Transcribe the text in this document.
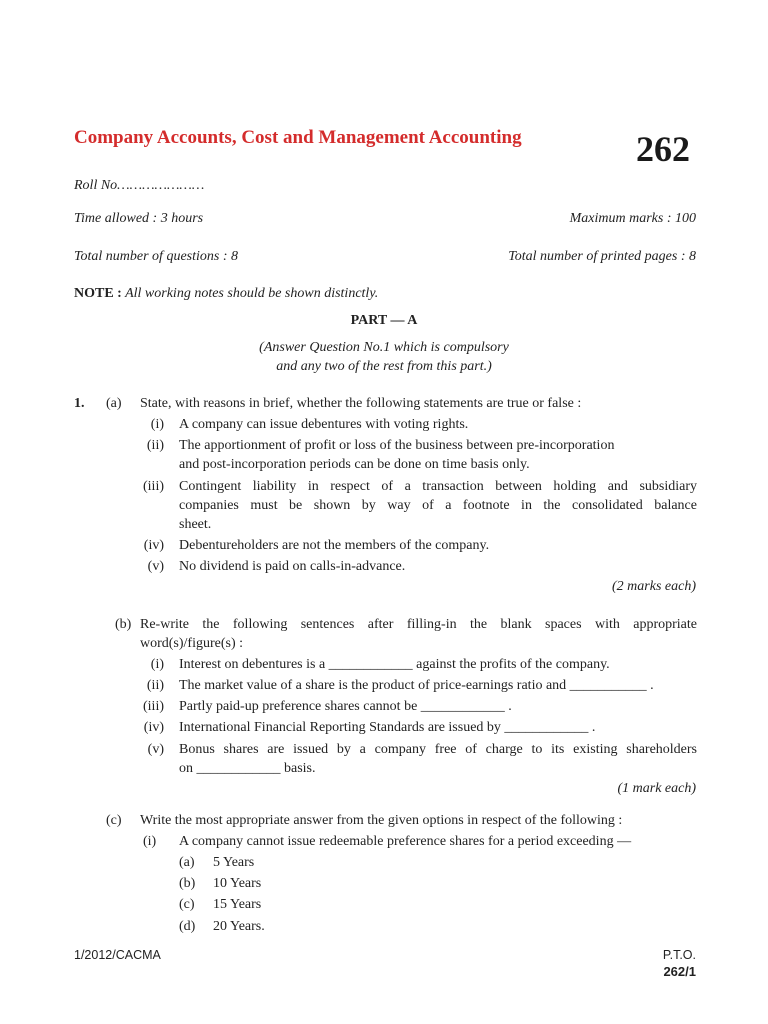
Company Accounts, Cost and Management Accounting	262
Roll No…………………
Time allowed : 3 hours	Maximum marks : 100
Total number of questions : 8	Total number of printed pages : 8
NOTE : All working notes should be shown distinctly.
PART — A
(Answer Question No.1 which is compulsory
and any two of the rest from this part.)
1. (a) State, with reasons in brief, whether the following statements are true or false :
(i) A company can issue debentures with voting rights.
(ii) The apportionment of profit or loss of the business between pre-incorporation
and post-incorporation periods can be done on time basis only.
(iii) Contingent liability in respect of a transaction between holding and subsidiary
companies must be shown by way of a footnote in the consolidated balance
sheet.
(iv) Debentureholders are not the members of the company.
(v) No dividend is paid on calls-in-advance.
(2 marks each)
(b) Re-write the following sentences after filling-in the blank spaces with appropriate
word(s)/figure(s) :
(i) Interest on debentures is a ____________ against the profits of the company.
(ii) The market value of a share is the product of price-earnings ratio and ___________ .
(iii) Partly paid-up preference shares cannot be ____________ .
(iv) International Financial Reporting Standards are issued by ____________ .
(v) Bonus shares are issued by a company free of charge to its existing shareholders
on ____________ basis.
(1 mark each)
(c) Write the most appropriate answer from the given options in respect of the following :
(i) A company cannot issue redeemable preference shares for a period exceeding —
(a) 5 Years
(b) 10 Years
(c) 15 Years
(d) 20 Years.
1/2012/CACMA	P.T.O.
262/1
